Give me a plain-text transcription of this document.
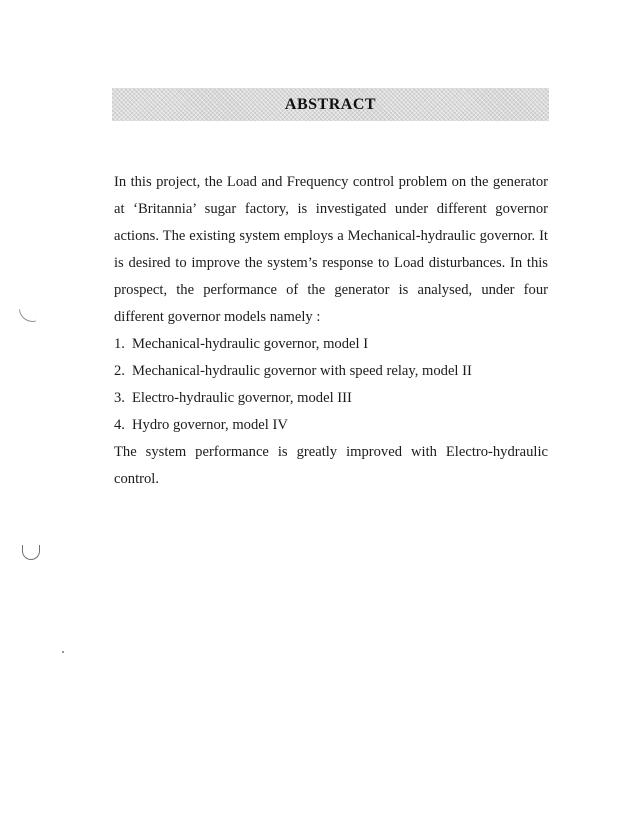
ABSTRACT

In this project, the Load and Frequency control problem on the generator at ‘Britannia’ sugar factory, is investigated under different governor actions. The existing system employs a Mechanical-hydraulic governor. It is desired to improve the system’s response to Load disturbances. In this prospect, the performance of the generator is analysed, under four different governor models namely :

1. Mechanical-hydraulic governor, model I
2. Mechanical-hydraulic governor with speed relay, model II
3. Electro-hydraulic governor, model III
4. Hydro governor, model IV

The system performance is greatly improved with Electro-hydraulic control.
